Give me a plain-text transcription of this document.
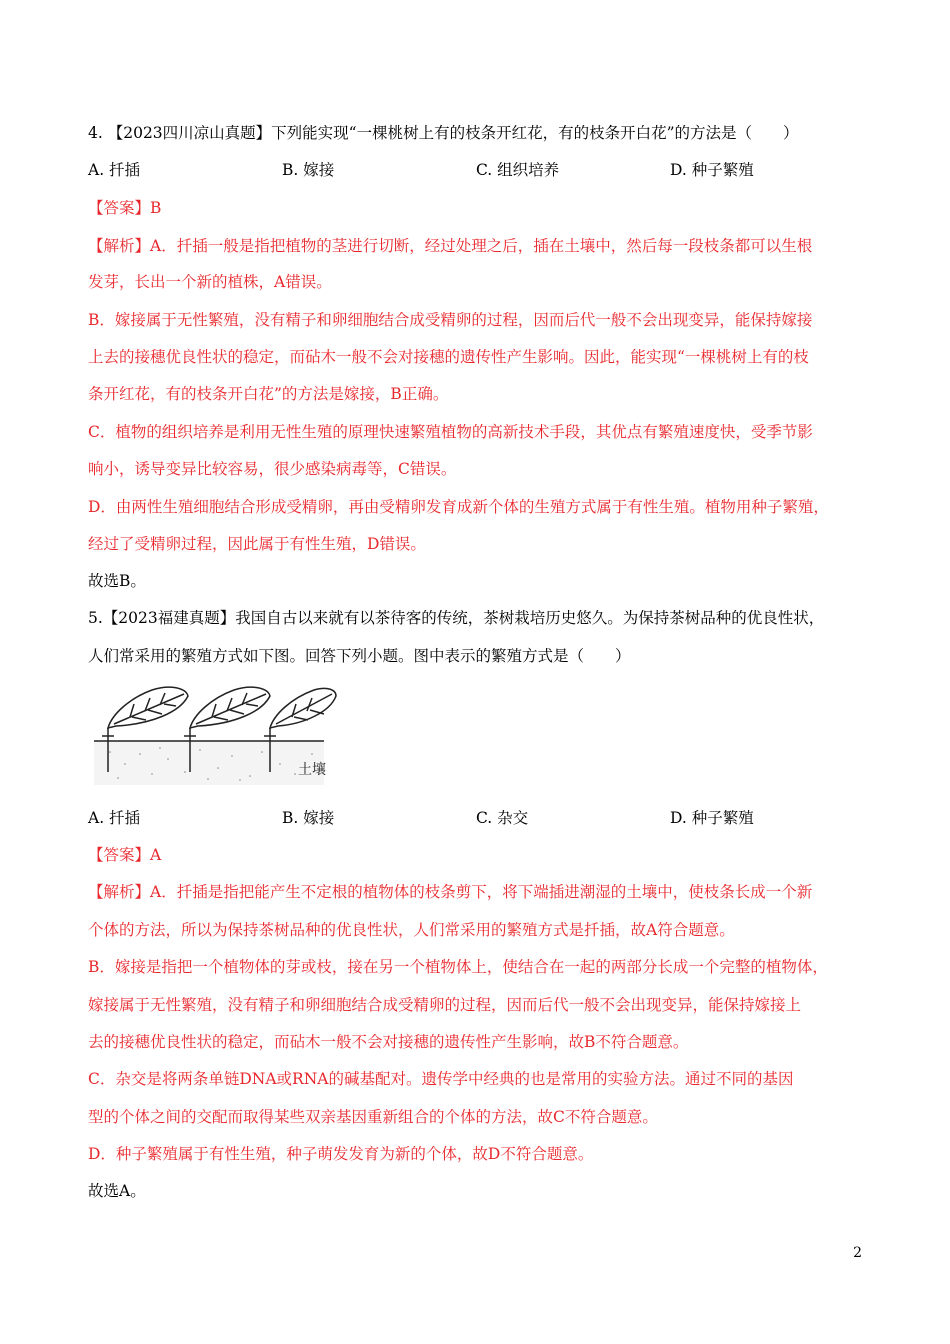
4. 【2023四川凉山真题】下列能实现“一棵桃树上有的枝条开红花，有的枝条开白花”的方法是（　　）
A. 扦插	B. 嫁接	C. 组织培养	D. 种子繁殖
【答案】B
【解析】A．扦插一般是指把植物的茎进行切断，经过处理之后，插在土壤中，然后每一段枝条都可以生根
发芽，长出一个新的植株，A错误。
B．嫁接属于无性繁殖，没有精子和卵细胞结合成受精卵的过程，因而后代一般不会出现变异，能保持嫁接
上去的接穗优良性状的稳定，而砧木一般不会对接穗的遗传性产生影响。因此，能实现“一棵桃树上有的枝
条开红花，有的枝条开白花”的方法是嫁接，B正确。
C．植物的组织培养是利用无性生殖的原理快速繁殖植物的高新技术手段，其优点有繁殖速度快，受季节影
响小，诱导变异比较容易，很少感染病毒等，C错误。
D．由两性生殖细胞结合形成受精卵，再由受精卵发育成新个体的生殖方式属于有性生殖。植物用种子繁殖，
经过了受精卵过程，因此属于有性生殖，D错误。
故选B。
5.【2023福建真题】我国自古以来就有以茶待客的传统，茶树栽培历史悠久。为保持茶树品种的优良性状，
人们常采用的繁殖方式如下图。回答下列小题。图中表示的繁殖方式是（　　）
土壤
A. 扦插	B. 嫁接	C. 杂交	D. 种子繁殖
【答案】A
【解析】A．扦插是指把能产生不定根的植物体的枝条剪下，将下端插进潮湿的土壤中，使枝条长成一个新
个体的方法，所以为保持茶树品种的优良性状，人们常采用的繁殖方式是扦插，故A符合题意。
B．嫁接是指把一个植物体的芽或枝，接在另一个植物体上，使结合在一起的两部分长成一个完整的植物体，
嫁接属于无性繁殖，没有精子和卵细胞结合成受精卵的过程，因而后代一般不会出现变异，能保持嫁接上
去的接穗优良性状的稳定，而砧木一般不会对接穗的遗传性产生影响，故B不符合题意。
C．杂交是将两条单链DNA或RNA的碱基配对。遗传学中经典的也是常用的实验方法。通过不同的基因
型的个体之间的交配而取得某些双亲基因重新组合的个体的方法，故C不符合题意。
D．种子繁殖属于有性生殖，种子萌发发育为新的个体，故D不符合题意。
故选A。
2
